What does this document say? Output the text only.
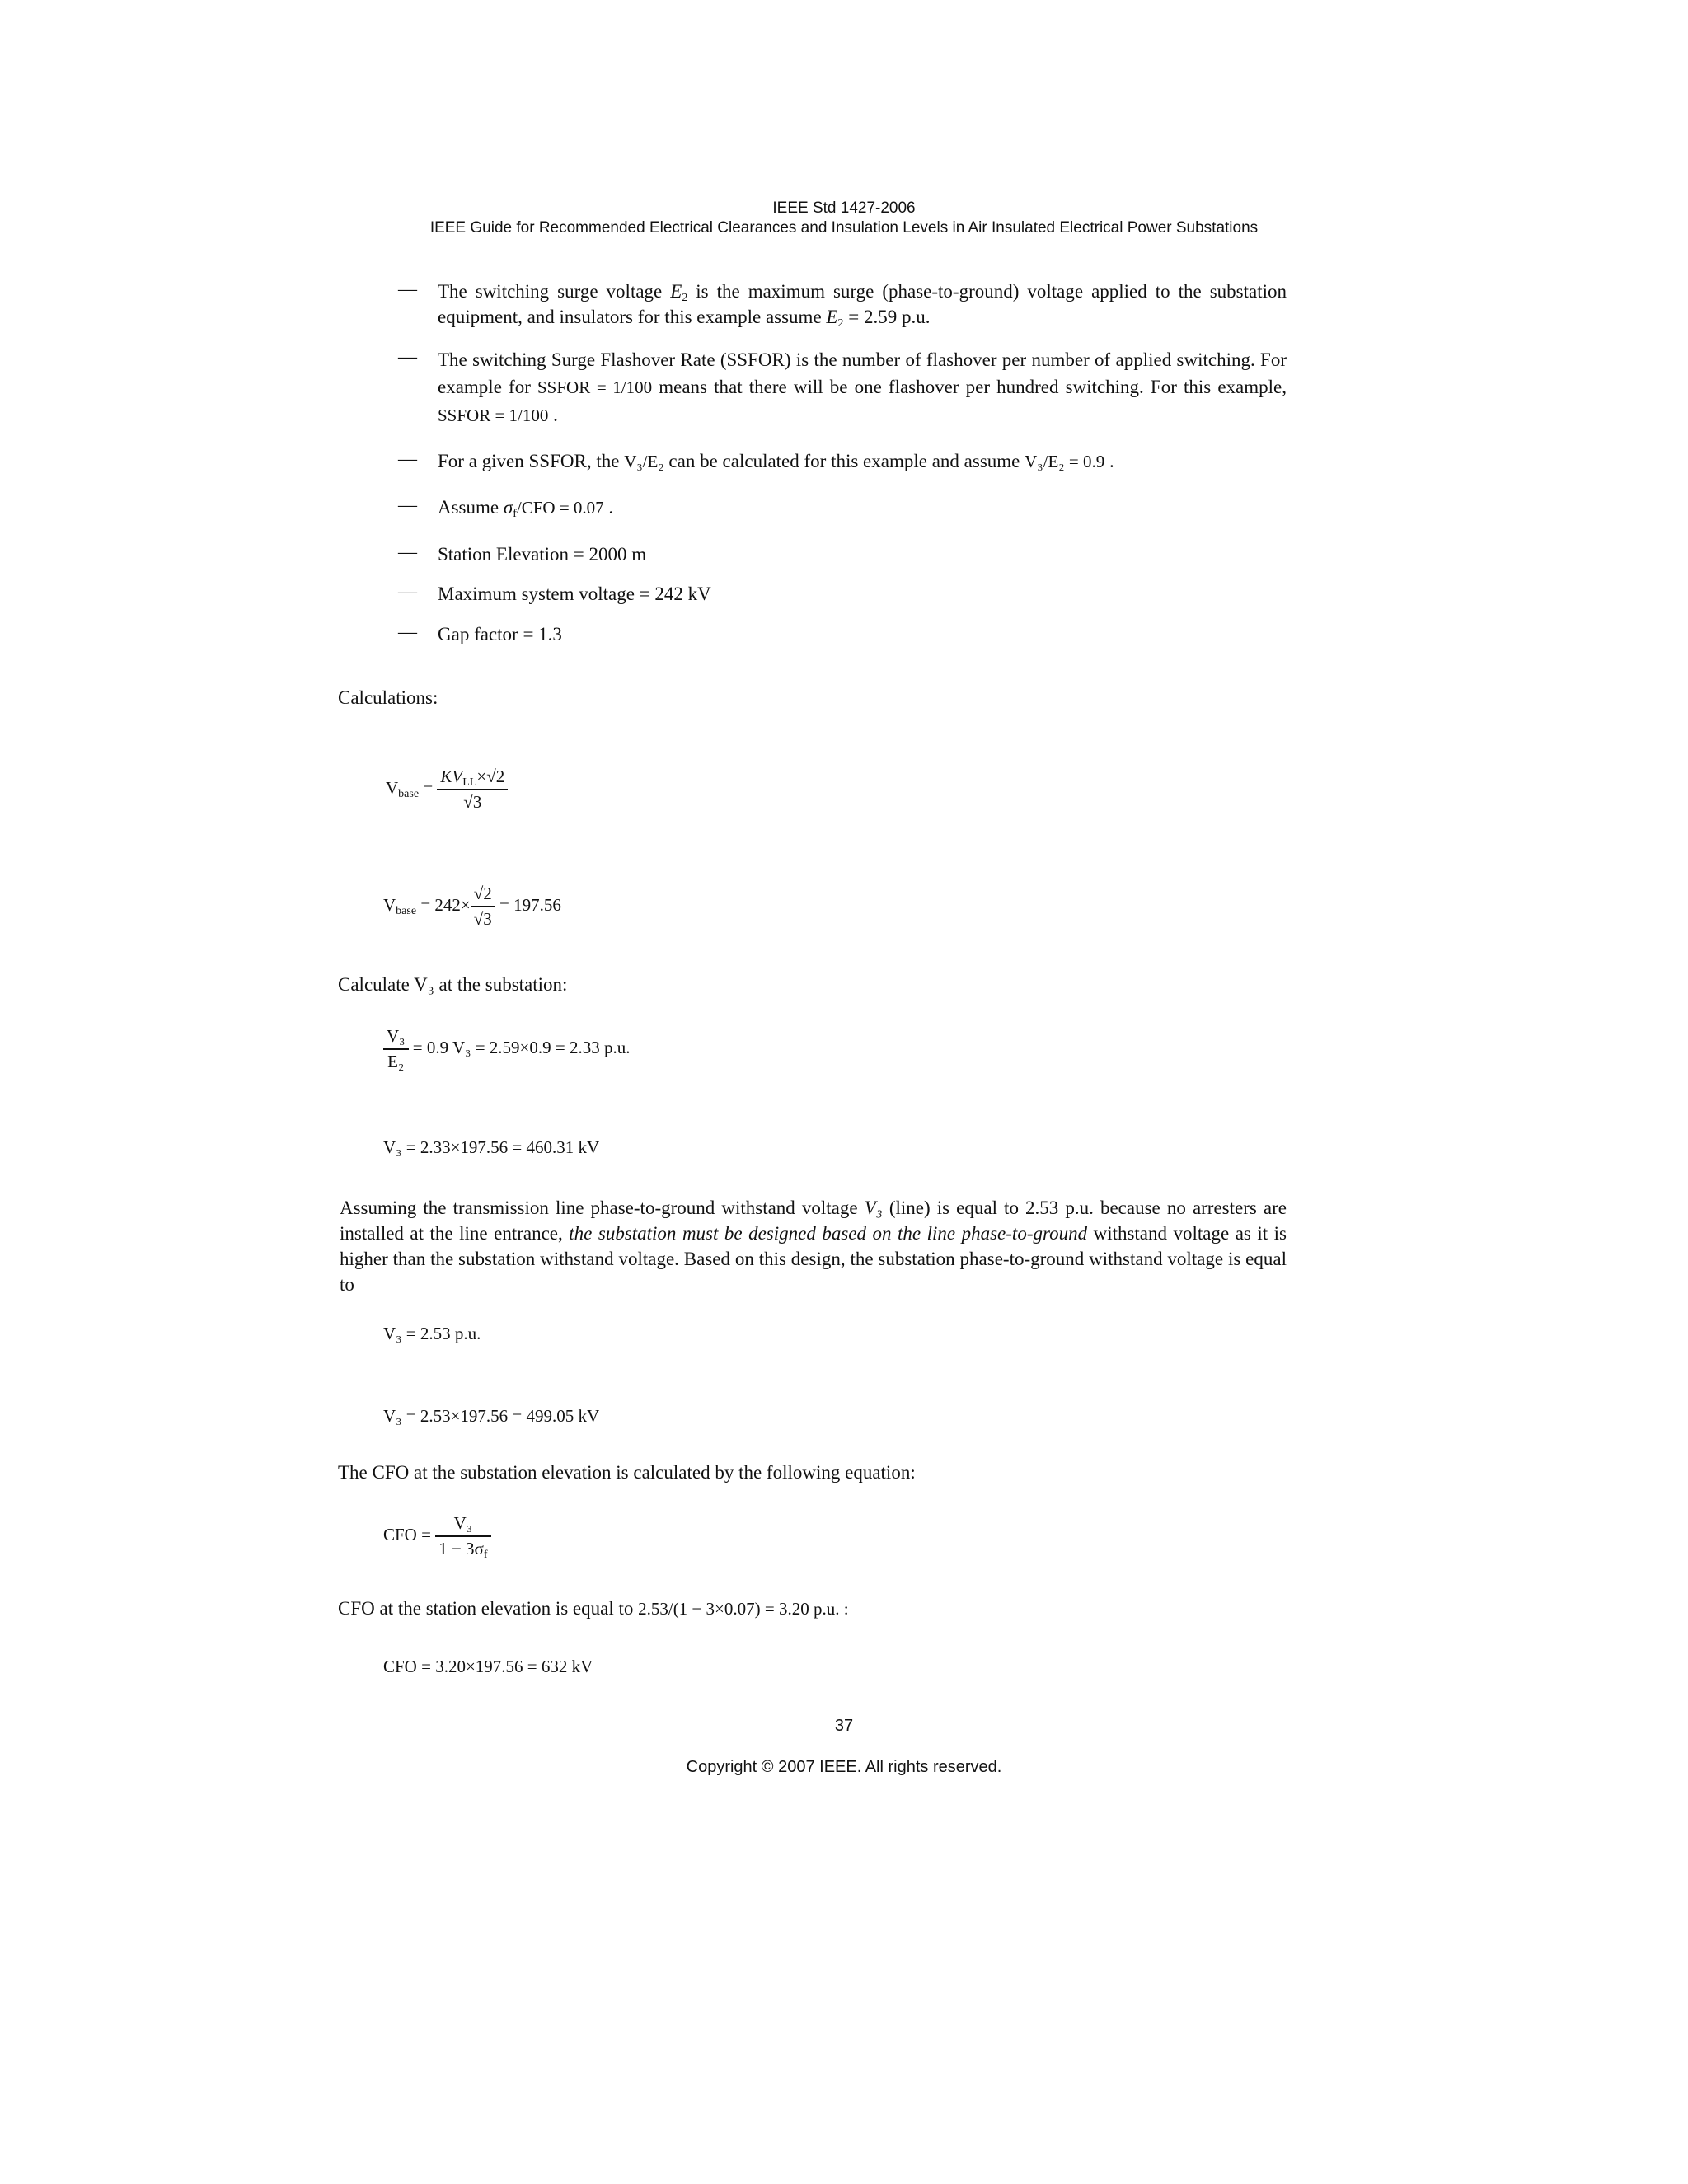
IEEE Std 1427-2006
IEEE Guide for Recommended Electrical Clearances and Insulation Levels in Air Insulated Electrical Power Substations
— The switching surge voltage $E_2$ is the maximum surge (phase-to-ground) voltage applied to the substation equipment, and insulators for this example assume $E_2 = 2.59$ p.u.
— The switching Surge Flashover Rate (SSFOR) is the number of flashover per number of applied switching. For example for SSFOR = 1/100 means that there will be one flashover per hundred switching. For this example, SSFOR = 1/100 .
— For a given SSFOR, the V₃/E₂ can be calculated for this example and assume V₃/E₂ = 0.9 .
— Assume $\sigma_f$/CFO = 0.07 .
— Station Elevation = 2000 m
— Maximum system voltage = 242 kV
— Gap factor = 1.3
Calculations:
$V_{base} = \frac{KV_{LL}\times√2}{√3}$
$V_{base} = 242\times \frac{√2}{√3} = 197.56$
Calculate V₃ at the substation:
$\frac{\text{V₃}}{\text{E₂}} = 0.9$ V₃ = 2.59×0.9 = 2.33 p.u.
V₃ = 2.33×197.56 = 460.31 kV
Assuming the transmission line phase-to-ground withstand voltage V₃ (line) is equal to 2.53 p.u. because no arresters are installed at the line entrance, the substation must be designed based on the line phase-to-ground withstand voltage as it is higher than the substation withstand voltage. Based on this design, the substation phase-to-ground withstand voltage is equal to
V₃ = 2.53 p.u.
V₃ = 2.53×197.56 = 499.05 kV
The CFO at the substation elevation is calculated by the following equation:
CFO = $\frac{\text{V₃}}{1 - 3\sigma_f}$
CFO at the station elevation is equal to 2.53/(1 − 3×0.07) = 3.20 p.u. :
CFO = 3.20×197.56 = 632 kV
37
Copyright © 2007 IEEE. All rights reserved.
